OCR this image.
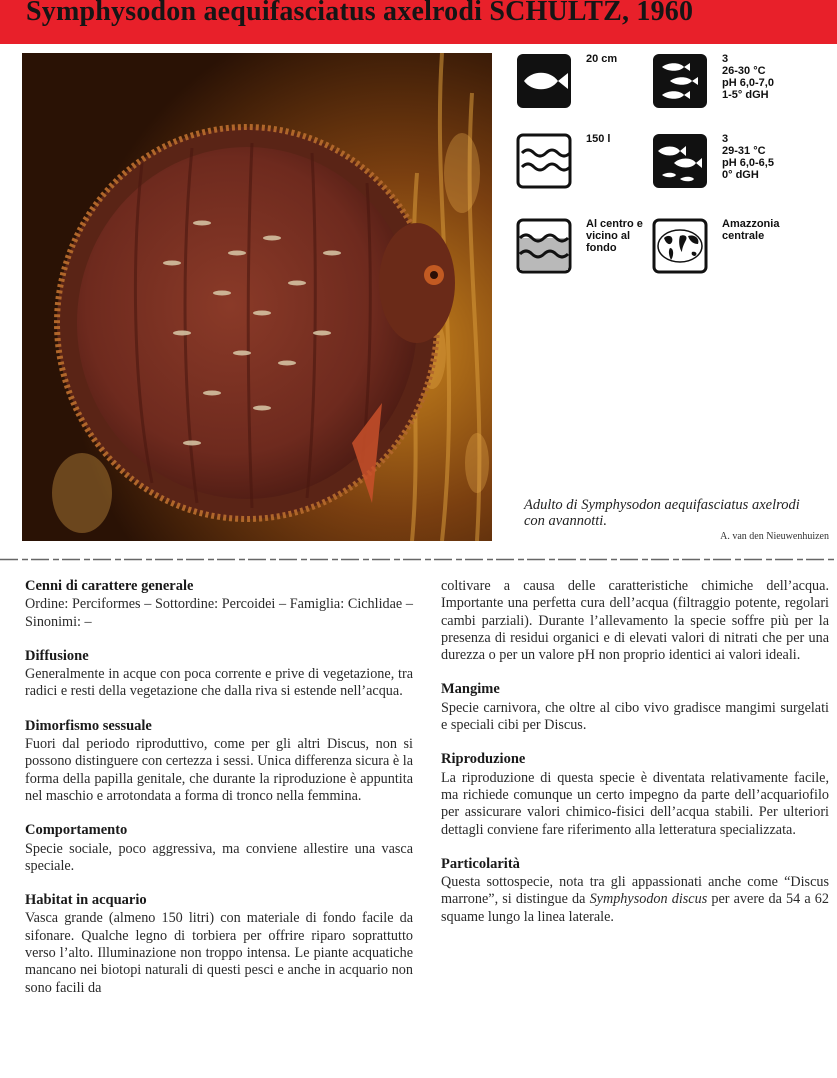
Symphysodon aequifasciatus axelrodi SCHULTZ, 1960
20 cm	3
26-30 °C
pH 6,0-7,0
1-5° dGH
150 l	3
29-31 °C
pH 6,0-6,5
0° dGH
Al centro e
vicino al
fondo
Amazzonia
centrale
Adulto di Symphysodon aequifasciatus axelrodi
con avannotti.
A. van den Nieuwenhuizen
Cenni di carattere generale

Ordine: Perciformes – Sottordine: Percoidei – Famiglia: Cichlidae – Sinonimi: –

Diffusione

Generalmente in acque con poca corrente e prive di vegetazione, tra radici e resti della vegetazione che dalla riva si estende nell’acqua.

Dimorfismo sessuale

Fuori dal periodo riproduttivo, come per gli altri Discus, non si possono distinguere con certezza i sessi. Unica differenza sicura è la forma della papilla genitale, che durante la riproduzione è appuntita nel maschio e arrotondata a forma di tronco nella femmina.

Comportamento

Specie sociale, poco aggressiva, ma conviene allestire una vasca speciale.

Habitat in acquario

Vasca grande (almeno 150 litri) con materiale di fondo facile da sifonare. Qualche legno di torbiera per offrire riparo soprattutto verso l’alto. Illuminazione non troppo intensa. Le piante acquatiche mancano nei biotopi naturali di questi pesci e anche in acquario non sono facili da

coltivare a causa delle caratteristiche chimiche dell’acqua. Importante una perfetta cura dell’acqua (filtraggio potente, regolari cambi parziali). Durante l’allevamento la specie soffre più per la presenza di residui organici e di elevati valori di nitrati che per una durezza o per un valore pH non proprio identici ai valori ideali.

Mangime

Specie carnivora, che oltre al cibo vivo gradisce mangimi surgelati e speciali cibi per Discus.

Riproduzione

La riproduzione di questa specie è diventata relativamente facile, ma richiede comunque un certo impegno da parte dell’acquariofilo per assicurare valori chimico-fisici dell’acqua stabili. Per ulteriori dettagli conviene fare riferimento alla letteratura specializzata.

Particolarità

Questa sottospecie, nota tra gli appassionati anche come “Discus marrone”, si distingue da Symphysodon discus per avere da 54 a 62 squame lungo la linea laterale.
